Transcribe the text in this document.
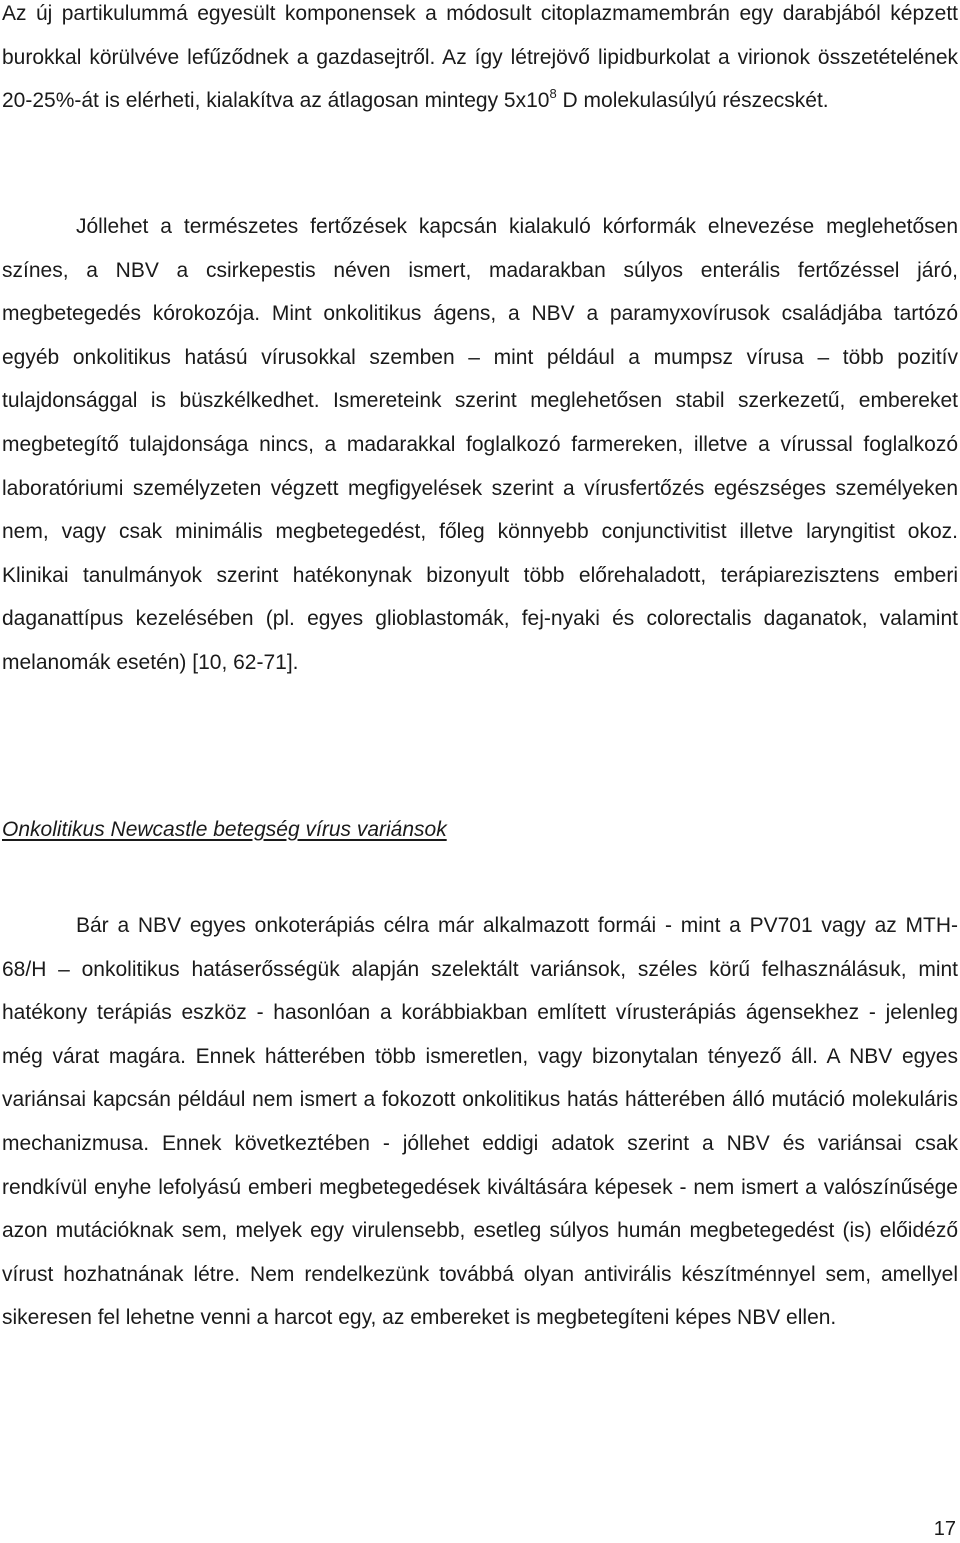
Az új partikulummá egyesült komponensek a módosult citoplazmamembrán egy darabjából képzett burokkal körülvéve lefűződnek a gazdasejtről. Az így létrejövő lipidburkolat a virionok összetételének 20-25%-át is elérheti, kialakítva az átlagosan mintegy $5x10^8$ D molekulasúlyú részecskét.

Jóllehet a természetes fertőzések kapcsán kialakuló kórformák elnevezése meglehetősen színes, a NBV a csirkepestis néven ismert, madarakban súlyos enterális fertőzéssel járó, megbetegedés kórokozója. Mint onkolitikus ágens, a NBV a paramyxovírusok családjába tartózó egyéb onkolitikus hatású vírusokkal szemben – mint például a mumpsz vírusa – több pozitív tulajdonsággal is büszkélkedhet. Ismereteink szerint meglehetősen stabil szerkezetű, embereket megbetegítő tulajdonsága nincs, a madarakkal foglalkozó farmereken, illetve a vírussal foglalkozó laboratóriumi személyzeten végzett megfigyelések szerint a vírusfertőzés egészséges személyeken nem, vagy csak minimális megbetegedést, főleg könnyebb conjunctivitist illetve laryngitist okoz. Klinikai tanulmányok szerint hatékonynak bizonyult több előrehaladott, terápiarezisztens emberi daganattípus kezelésében (pl. egyes glioblastomák, fej-nyaki és colorectalis daganatok, valamint melanomák esetén) [10, 62-71].

Onkolitikus Newcastle betegség vírus variánsok

Bár a NBV egyes onkoterápiás célra már alkalmazott formái - mint a PV701 vagy az MTH-68/H – onkolitikus hatáserősségük alapján szelektált variánsok, széles körű felhasználásuk, mint hatékony terápiás eszköz - hasonlóan a korábbiakban említett vírusterápiás ágensekhez - jelenleg még várat magára. Ennek hátterében több ismeretlen, vagy bizonytalan tényező áll. A NBV egyes variánsai kapcsán például nem ismert a fokozott onkolitikus hatás hátterében álló mutáció molekuláris mechanizmusa. Ennek következtében - jóllehet eddigi adatok szerint a NBV és variánsai csak rendkívül enyhe lefolyású emberi megbetegedések kiváltására képesek - nem ismert a valószínűsége azon mutációknak sem, melyek egy virulensebb, esetleg súlyos humán megbetegedést (is) előidéző vírust hozhatnának létre. Nem rendelkezünk továbbá olyan antivirális készítménnyel sem, amellyel sikeresen fel lehetne venni a harcot egy, az embereket is megbetegíteni képes NBV ellen.

17
